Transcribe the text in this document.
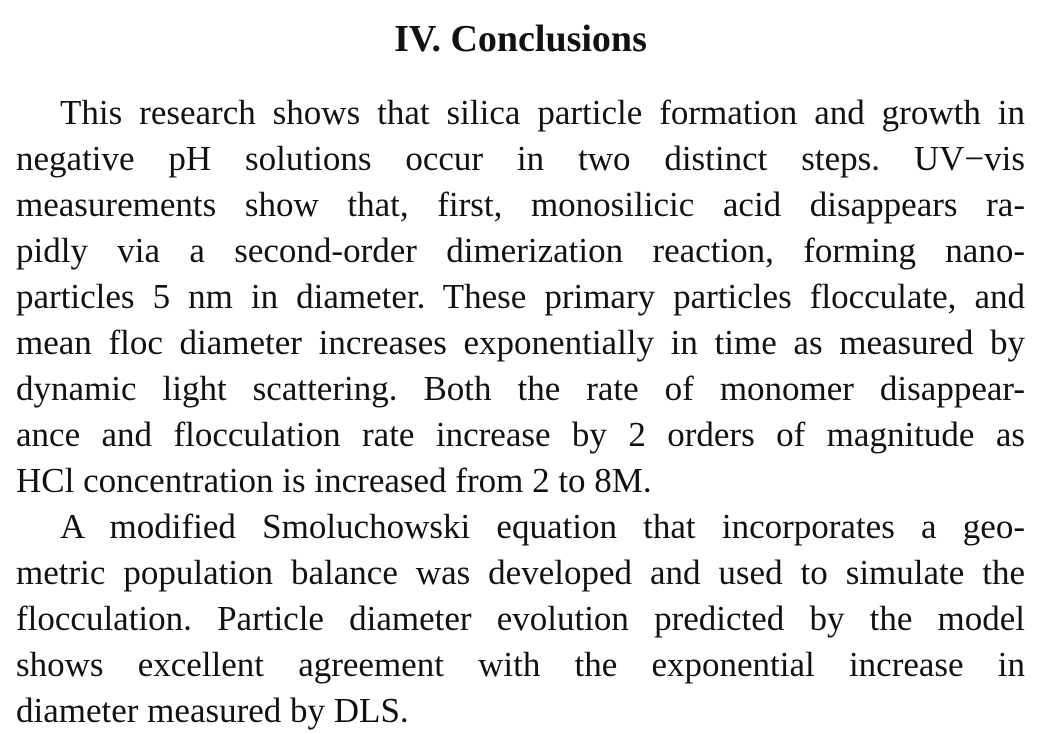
IV. Conclusions
This research shows that silica particle formation and growth in
negative pH solutions occur in two distinct steps. UV−vis
measurements show that, first, monosilicic acid disappears ra-
pidly via a second-order dimerization reaction, forming nano-
particles 5 nm in diameter. These primary particles flocculate, and
mean floc diameter increases exponentially in time as measured by
dynamic light scattering. Both the rate of monomer disappear-
ance and flocculation rate increase by 2 orders of magnitude as
HCl concentration is increased from 2 to 8M.
A modified Smoluchowski equation that incorporates a geo-
metric population balance was developed and used to simulate the
flocculation. Particle diameter evolution predicted by the model
shows excellent agreement with the exponential increase in
diameter measured by DLS.
